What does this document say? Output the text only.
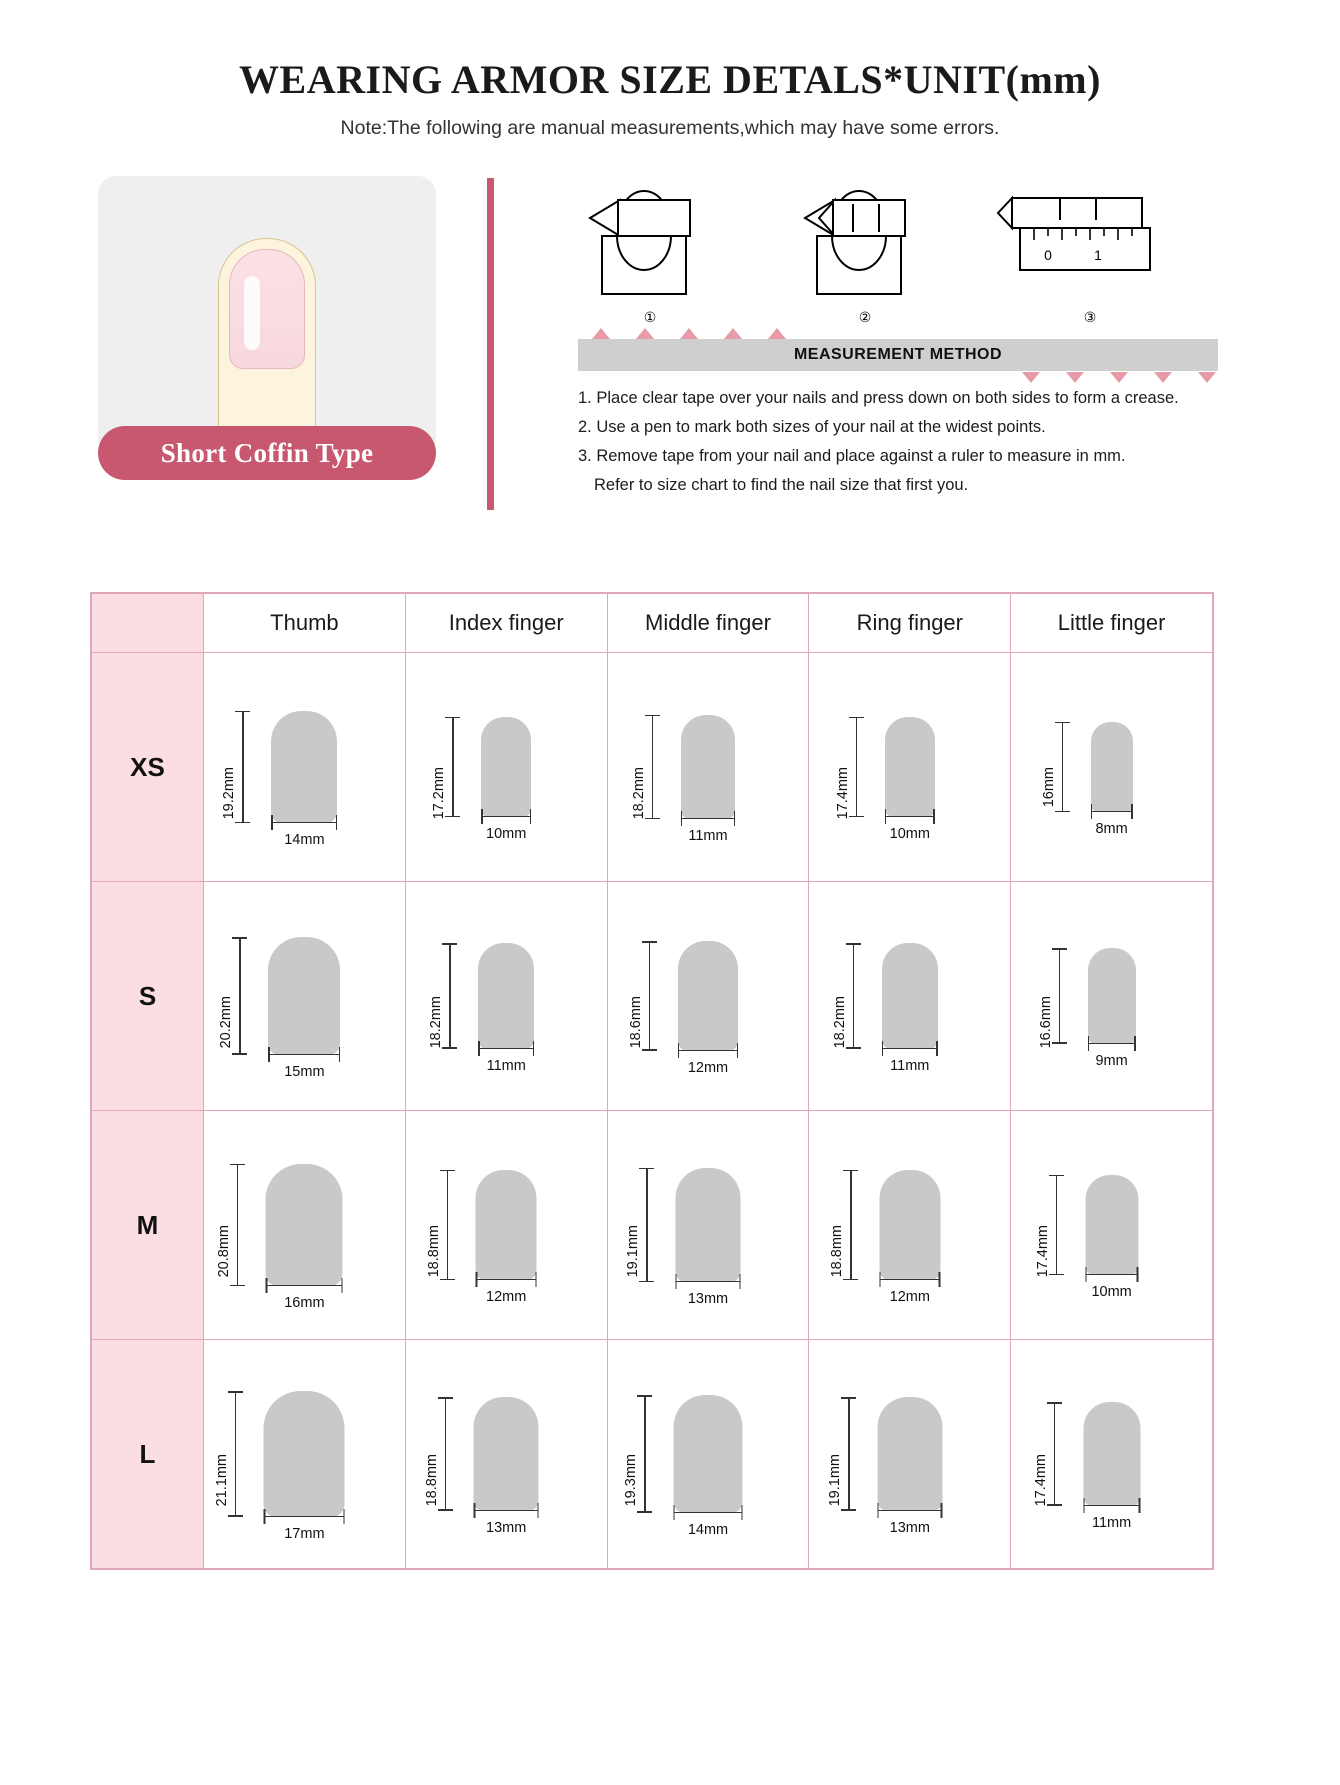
WEARING ARMOR SIZE DETALS*UNIT(mm)

Note:The following are manual measurements,which may have some errors.

Short Coffin Type
①	②
0	1
③
MEASUREMENT METHOD
1. Place clear tape over your nails and press down on both sides to form a crease.
2. Use a pen to mark both sizes of your nail at the widest points.
3. Remove tape from your nail and place against a ruler to measure in mm.
Refer to size chart to find the nail size that first you.
	Thumb	Index finger	Middle finger	Ring finger	Little finger
XS	
19.2mm
14mm

17.2mm
10mm

18.2mm
11mm

17.4mm
10mm

16mm
8mm

S	
20.2mm
15mm

18.2mm
11mm

18.6mm
12mm

18.2mm
11mm

16.6mm
9mm

M	
20.8mm
16mm

18.8mm
12mm

19.1mm
13mm

18.8mm
12mm

17.4mm
10mm

L	
21.1mm
17mm

18.8mm
13mm

19.3mm
14mm

19.1mm
13mm

17.4mm
11mm
